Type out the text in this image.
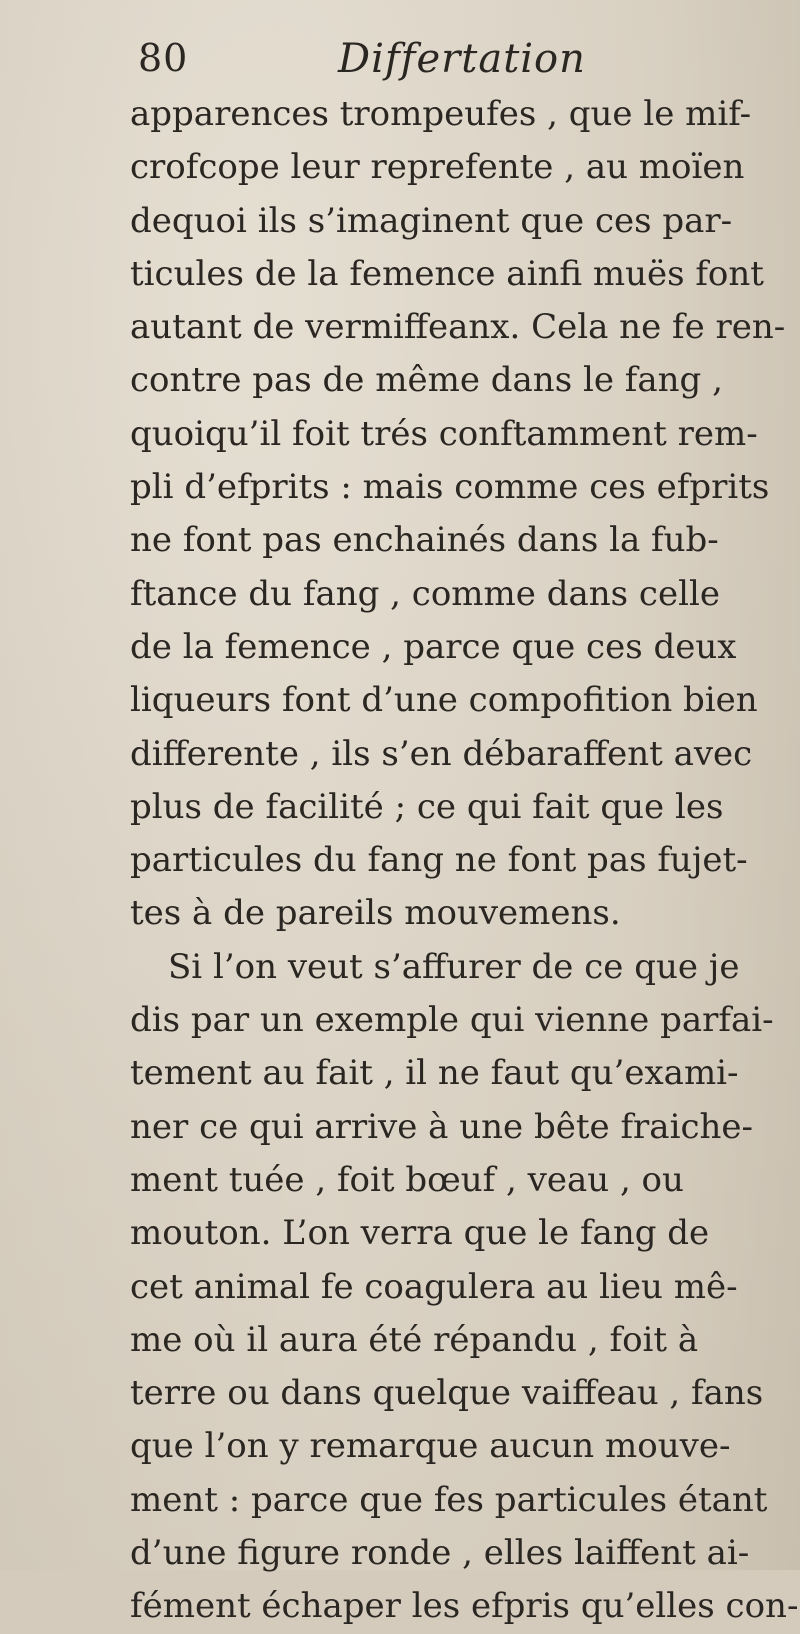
80	Differtation
apparences trompeufes , que le mif-
crofcope leur reprefente , au moïen
dequoi ils s’imaginent que ces par-
ticules de la femence ainfi muës font
autant de vermiffeanx. Cela ne fe ren-
contre pas de même dans le fang ,
quoiqu’il foit trés conftamment rem-
pli d’efprits : mais comme ces efprits
ne font pas enchainés dans la fub-
ftance du fang , comme dans celle
de la femence , parce que ces deux
liqueurs font d’une compofition bien
differente , ils s’en débaraffent avec
plus de facilité ; ce qui fait que les
particules du fang ne font pas fujet-
tes à de pareils mouvemens.
Si l’on veut s’affurer de ce que je
dis par un exemple qui vienne parfai-
tement au fait , il ne faut qu’exami-
ner ce qui arrive à une bête fraiche-
ment tuée , foit bœuf , veau , ou
mouton. L’on verra que le fang de
cet animal fe coagulera au lieu mê-
me où il aura été répandu , foit à
terre ou dans quelque vaiffeau , fans
que l’on y remarque aucun mouve-
ment : parce que fes particules étant
d’une figure ronde , elles laiffent ai-
fément échaper les efpris qu’elles con-
